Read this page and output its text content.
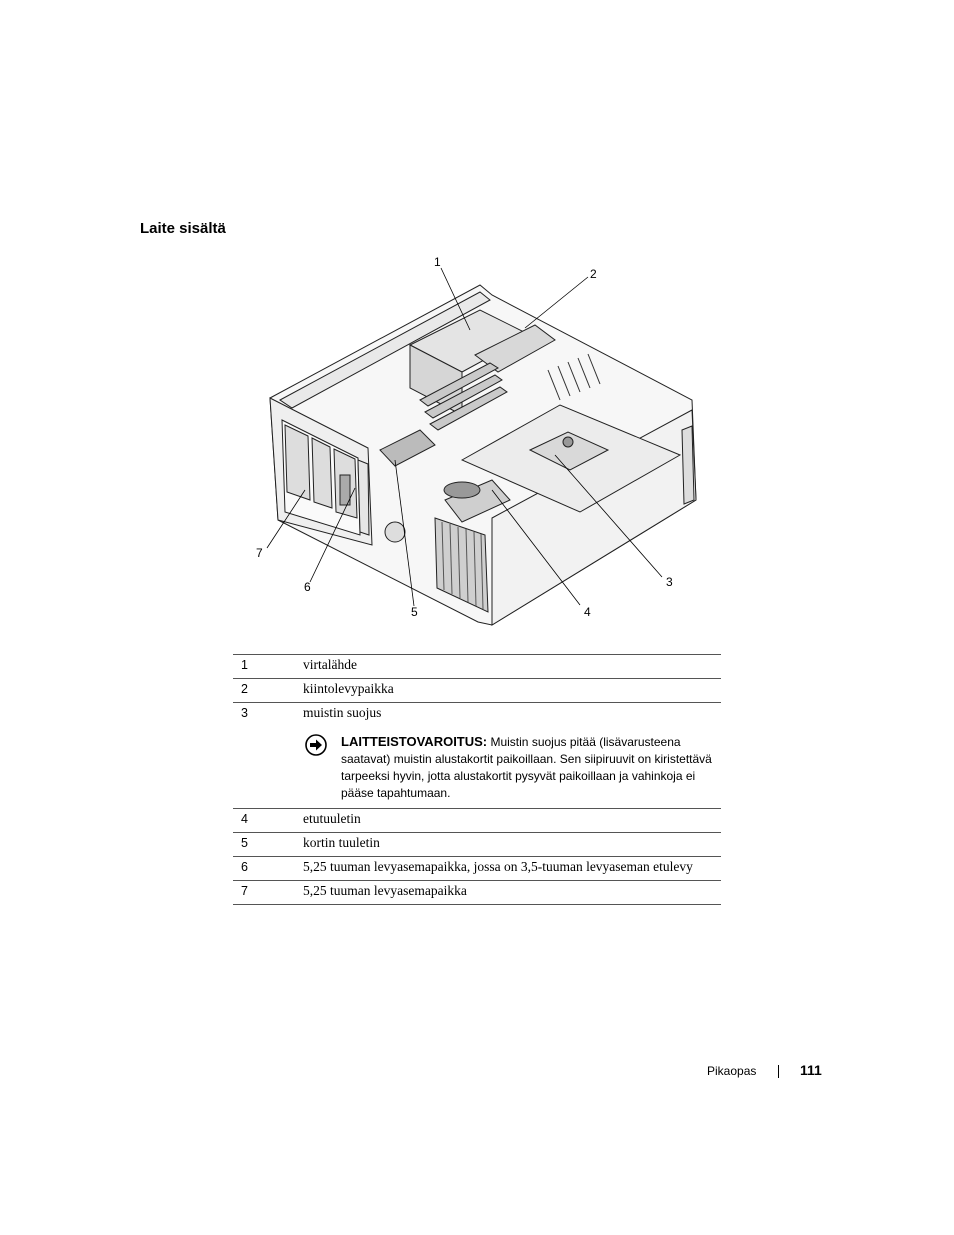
Laite sisältä
1
2
3
4
5
6
7
1	virtalähde
2	kiintolevypaikka
3	muistin suojus
LAITTEISTOVAROITUS: Muistin suojus pitää (lisävarusteena saatavat) muistin alustakortit paikoillaan. Sen siipiruuvit on kiristettävä tarpeeksi hyvin, jotta alustakortit pysyvät paikoillaan ja vahinkoja ei pääse tapahtumaan.

4	etutuuletin
5	kortin tuuletin
6	5,25 tuuman levyasemapaikka, jossa on 3,5-tuuman levyaseman etulevy
7	5,25 tuuman levyasemapaikka
Pikaopas	111
